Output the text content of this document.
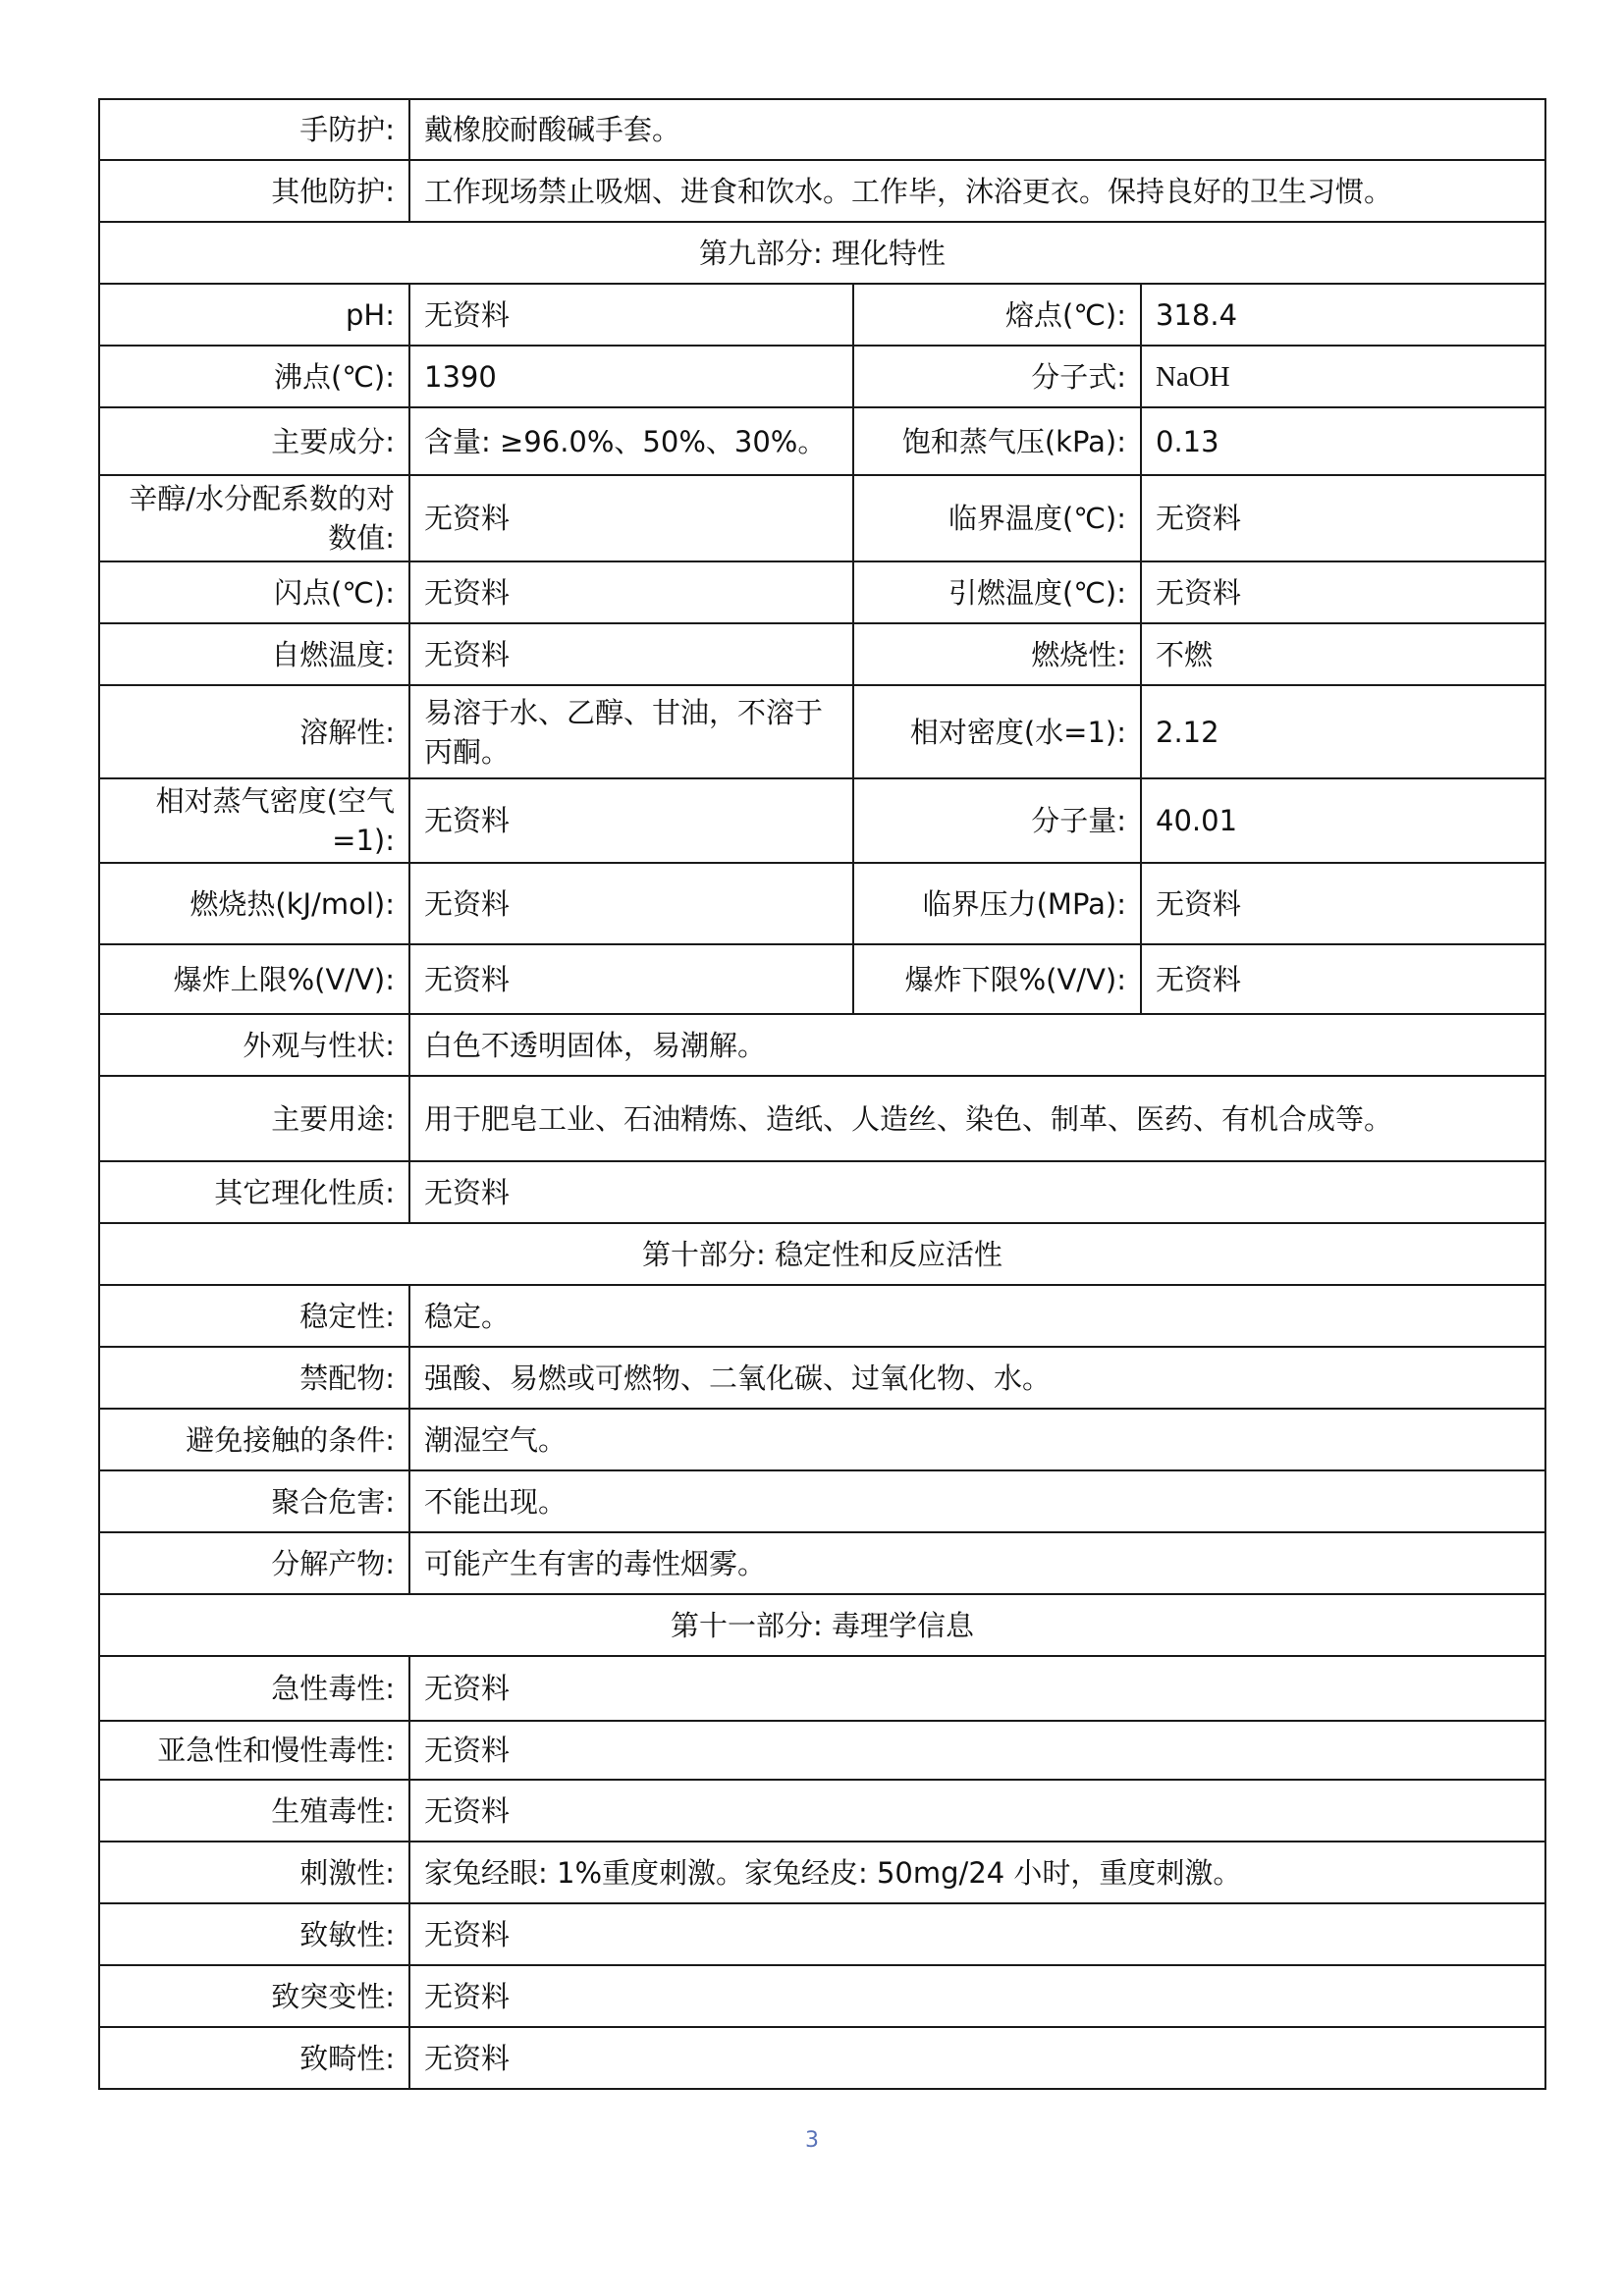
手防护:	戴橡胶耐酸碱手套。		
其他防护:	工作现场禁止吸烟、进食和饮水。工作毕，沐浴更衣。保持良好的卫生习惯。		
第九部分: 理化特性			
pH:	无资料	熔点(℃):	318.4
沸点(℃):	1390	分子式:	NaOH
主要成分:	含量: ≥96.0%、50%、30%。	饱和蒸气压(kPa):	0.13
辛醇/水分配系数的对数值:	无资料	临界温度(℃):	无资料
闪点(℃):	无资料	引燃温度(℃):	无资料
自燃温度:	无资料	燃烧性:	不燃
溶解性:	易溶于水、乙醇、甘油，不溶于丙酮。	相对密度(水=1):	2.12
相对蒸气密度(空气=1):	无资料	分子量:	40.01
燃烧热(kJ/mol):	无资料	临界压力(MPa):	无资料
爆炸上限%(V/V):	无资料	爆炸下限%(V/V):	无资料
外观与性状:	白色不透明固体，易潮解。		
主要用途:	用于肥皂工业、石油精炼、造纸、人造丝、染色、制革、医药、有机合成等。		
其它理化性质:	无资料		
第十部分: 稳定性和反应活性			
稳定性:	稳定。		
禁配物:	强酸、易燃或可燃物、二氧化碳、过氧化物、水。		
避免接触的条件:	潮湿空气。		
聚合危害:	不能出现。		
分解产物:	可能产生有害的毒性烟雾。		
第十一部分: 毒理学信息			
急性毒性:	无资料		
亚急性和慢性毒性:	无资料		
生殖毒性:	无资料		
刺激性:	家兔经眼: 1%重度刺激。家兔经皮: 50mg/24 小时，重度刺激。		
致敏性:	无资料		
致突变性:	无资料		
致畸性:	无资料		
3
